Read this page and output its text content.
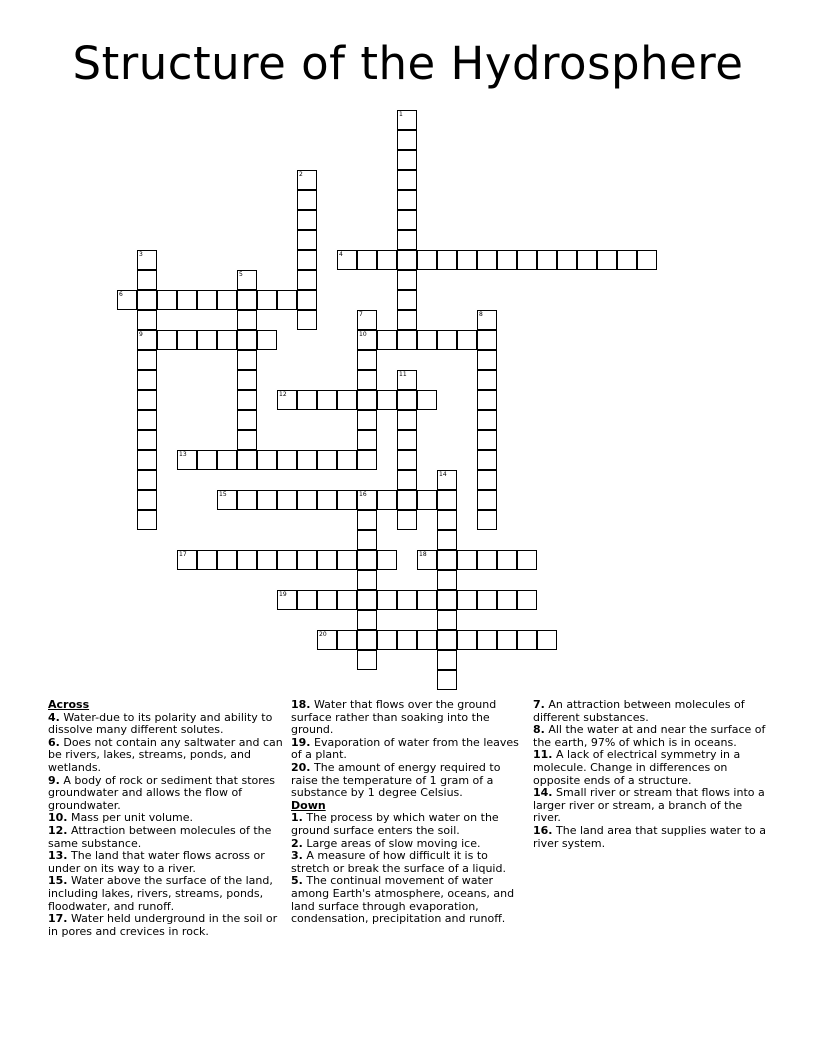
Structure of the Hydrosphere
4
6
9	10
12
13
15	16
17	18
19
20
1
2
3
5
7	8
11
14

Across

4. Water-due to its polarity and ability to dissolve many different solutes.

6. Does not contain any saltwater and can be rivers, lakes, streams, ponds, and wetlands.

9. A body of rock or sediment that stores groundwater and allows the flow of groundwater.

10. Mass per unit volume.

12. Attraction between molecules of the same substance.

13. The land that water flows across or under on its way to a river.

15. Water above the surface of the land, including lakes, rivers, streams, ponds, floodwater, and runoff.

17. Water held underground in the soil or in pores and crevices in rock.

18. Water that flows over the ground surface rather than soaking into the ground.

19. Evaporation of water from the leaves of a plant.

20. The amount of energy required to raise the temperature of 1 gram of a substance by 1 degree Celsius.

Down

1. The process by which water on the ground surface enters the soil.

2. Large areas of slow moving ice.

3. A measure of how difficult it is to stretch or break the surface of a liquid.

5. The continual movement of water among Earth's atmosphere, oceans, and land surface through evaporation, condensation, precipitation and runoff.

7. An attraction between molecules of different substances.

8. All the water at and near the surface of the earth, 97% of which is in oceans.

11. A lack of electrical symmetry in a molecule. Change in differences on opposite ends of a structure.

14. Small river or stream that flows into a larger river or stream, a branch of the river.

16. The land area that supplies water to a river system.
